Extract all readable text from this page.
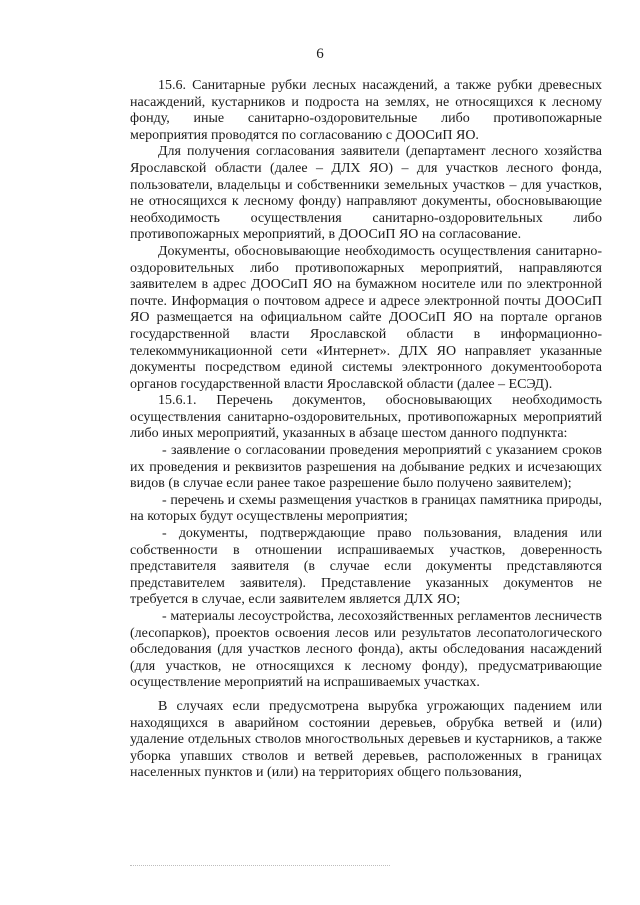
6

15.6. Санитарные рубки лесных насаждений, а также рубки древесных насаждений, кустарников и подроста на землях, не относящихся к лесному фонду, иные санитарно-оздоровительные либо противопожарные мероприятия проводятся по согласованию с ДООСиП ЯО.

Для получения согласования заявители (департамент лесного хозяйства Ярославской области (далее – ДЛХ ЯО) – для участков лесного фонда, пользователи, владельцы и собственники земельных участков – для участков, не относящихся к лесному фонду) направляют документы, обосновывающие необходимость осуществления санитарно-оздоровительных либо противопожарных мероприятий, в ДООСиП ЯО на согласование.

Документы, обосновывающие необходимость осуществления санитарно-оздоровительных либо противопожарных мероприятий, направляются заявителем в адрес ДООСиП ЯО на бумажном носителе или по электронной почте. Информация о почтовом адресе и адресе электронной почты ДООСиП ЯО размещается на официальном сайте ДООСиП ЯО на портале органов государственной власти Ярославской области в информационно-телекоммуникационной сети «Интернет». ДЛХ ЯО направляет указанные документы посредством единой системы электронного документооборота органов государственной власти Ярославской области (далее – ЕСЭД).

15.6.1. Перечень документов, обосновывающих необходимость осуществления санитарно-оздоровительных, противопожарных мероприятий либо иных мероприятий, указанных в абзаце шестом данного подпункта:

- заявление о согласовании проведения мероприятий с указанием сроков их проведения и реквизитов разрешения на добывание редких и исчезающих видов (в случае если ранее такое разрешение было получено заявителем);

- перечень и схемы размещения участков в границах памятника природы, на которых будут осуществлены мероприятия;

- документы, подтверждающие право пользования, владения или собственности в отношении испрашиваемых участков, доверенность представителя заявителя (в случае если документы представляются представителем заявителя). Представление указанных документов не требуется в случае, если заявителем является ДЛХ ЯО;

- материалы лесоустройства, лесохозяйственных регламентов лесничеств (лесопарков), проектов освоения лесов или результатов лесопатологического обследования (для участков лесного фонда), акты обследования насаждений (для участков, не относящихся к лесному фонду), предусматривающие осуществление мероприятий на испрашиваемых участках.

В случаях если предусмотрена вырубка угрожающих падением или находящихся в аварийном состоянии деревьев, обрубка ветвей и (или) удаление отдельных стволов многоствольных деревьев и кустарников, а также уборка упавших стволов и ветвей деревьев, расположенных в границах населенных пунктов и (или) на территориях общего пользования,
